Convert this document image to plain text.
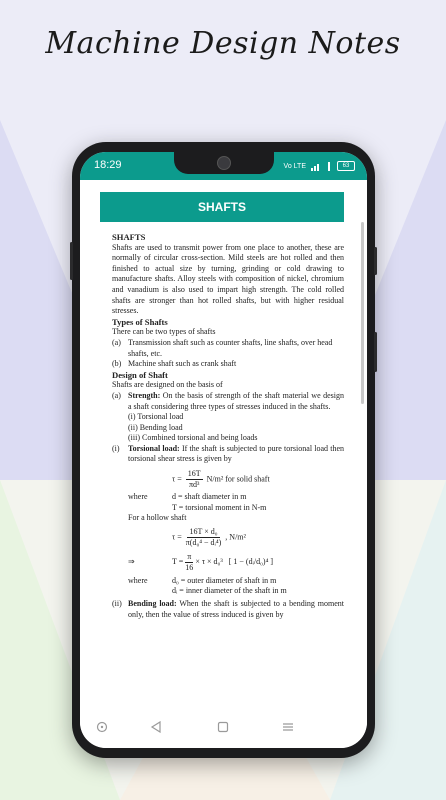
Machine Design Notes
18:29	Vo LTE	63
SHAFTS

SHAFTS

Shafts are used to transmit power from one place to another, these are normally of circular cross-section. Mild steels are hot rolled and then finished to actual size by turning, grinding or cold drawing to manufacture shafts. Alloy steels with composition of nickel, chromium and vanadium is also used to impart high strength. The cold rolled shafts are stronger than hot rolled shafts, but with higher residual stresses.

Types of Shafts

There can be two types of shafts

(a) Transmission shaft such as counter shafts, line shafts, over head shafts, etc.
(b) Machine shaft such as crank shaft

Design of Shaft

Shafts are designed on the basis of

(a) Strength: On the basis of strength of the shaft material we design a shaft considering three types of stresses induced in the shafts.

(i) Torsional load

(ii) Bending load

(iii) Combined torsional and being loads

(i)	Torsional load: If the shaft is subjected to pure torsional load then torsional shear stress is given by
$\tau = \frac{16T}{\text{πd³}} N/m^2$ for solid shaft
where	d = shaft diameter in m
T = torsional moment in N-m

For a hollow shaft

$\tau = \frac{\text{16T × d₀}}{\text{π(d₀⁴ − dᵢ⁴)}}$ , N/m²
⇒	$T = \frac{\pi}{16} \times \tau \times d_0^3$ [ 1 − (dᵢ/d₀)⁴ ]
where	d₀ = outer diameter of shaft in m
dᵢ = inner diameter of the shaft in m
(ii) Bending load: When the shaft is subjected to a bending moment only, then the value of stress induced is given by
